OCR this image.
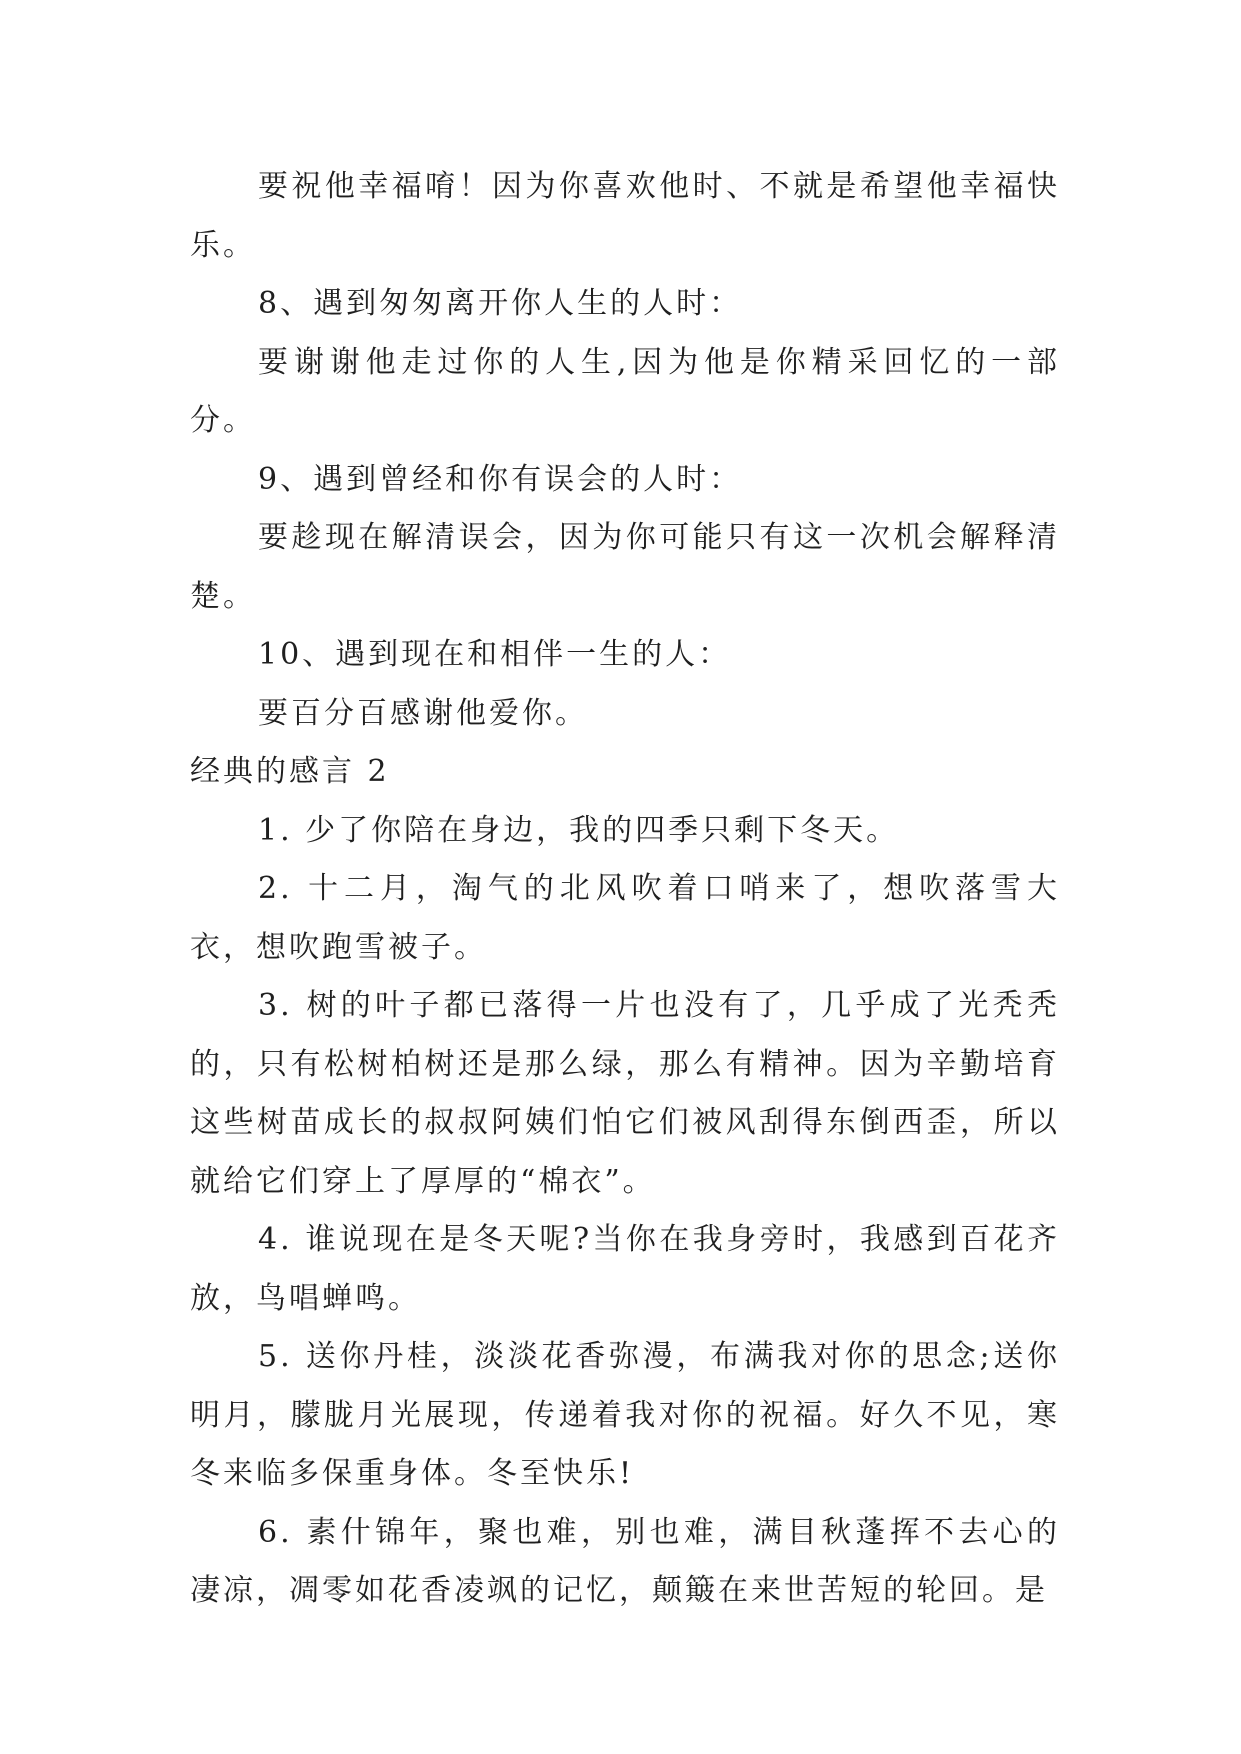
要祝他幸福唷！因为你喜欢他时、不就是希望他幸福快乐。

8、遇到匆匆离开你人生的人时：

要谢谢他走过你的人生,因为他是你精采回忆的一部分。

9、遇到曾经和你有误会的人时：

要趁现在解清误会，因为你可能只有这一次机会解释清楚。

10、遇到现在和相伴一生的人：

要百分百感谢他爱你。

经典的感言 2

1. 少了你陪在身边，我的四季只剩下冬天。

2. 十二月，淘气的北风吹着口哨来了，想吹落雪大衣，想吹跑雪被子。

3. 树的叶子都已落得一片也没有了，几乎成了光秃秃的，只有松树柏树还是那么绿，那么有精神。因为辛勤培育这些树苗成长的叔叔阿姨们怕它们被风刮得东倒西歪，所以就给它们穿上了厚厚的“棉衣”。

4. 谁说现在是冬天呢?当你在我身旁时，我感到百花齐放，鸟唱蝉鸣。

5. 送你丹桂，淡淡花香弥漫，布满我对你的思念;送你明月，朦胧月光展现，传递着我对你的祝福。好久不见，寒冬来临多保重身体。冬至快乐!

6. 素什锦年，聚也难，别也难，满目秋蓬挥不去心的凄凉，凋零如花香凌飒的记忆，颠簸在来世苦短的轮回。是
